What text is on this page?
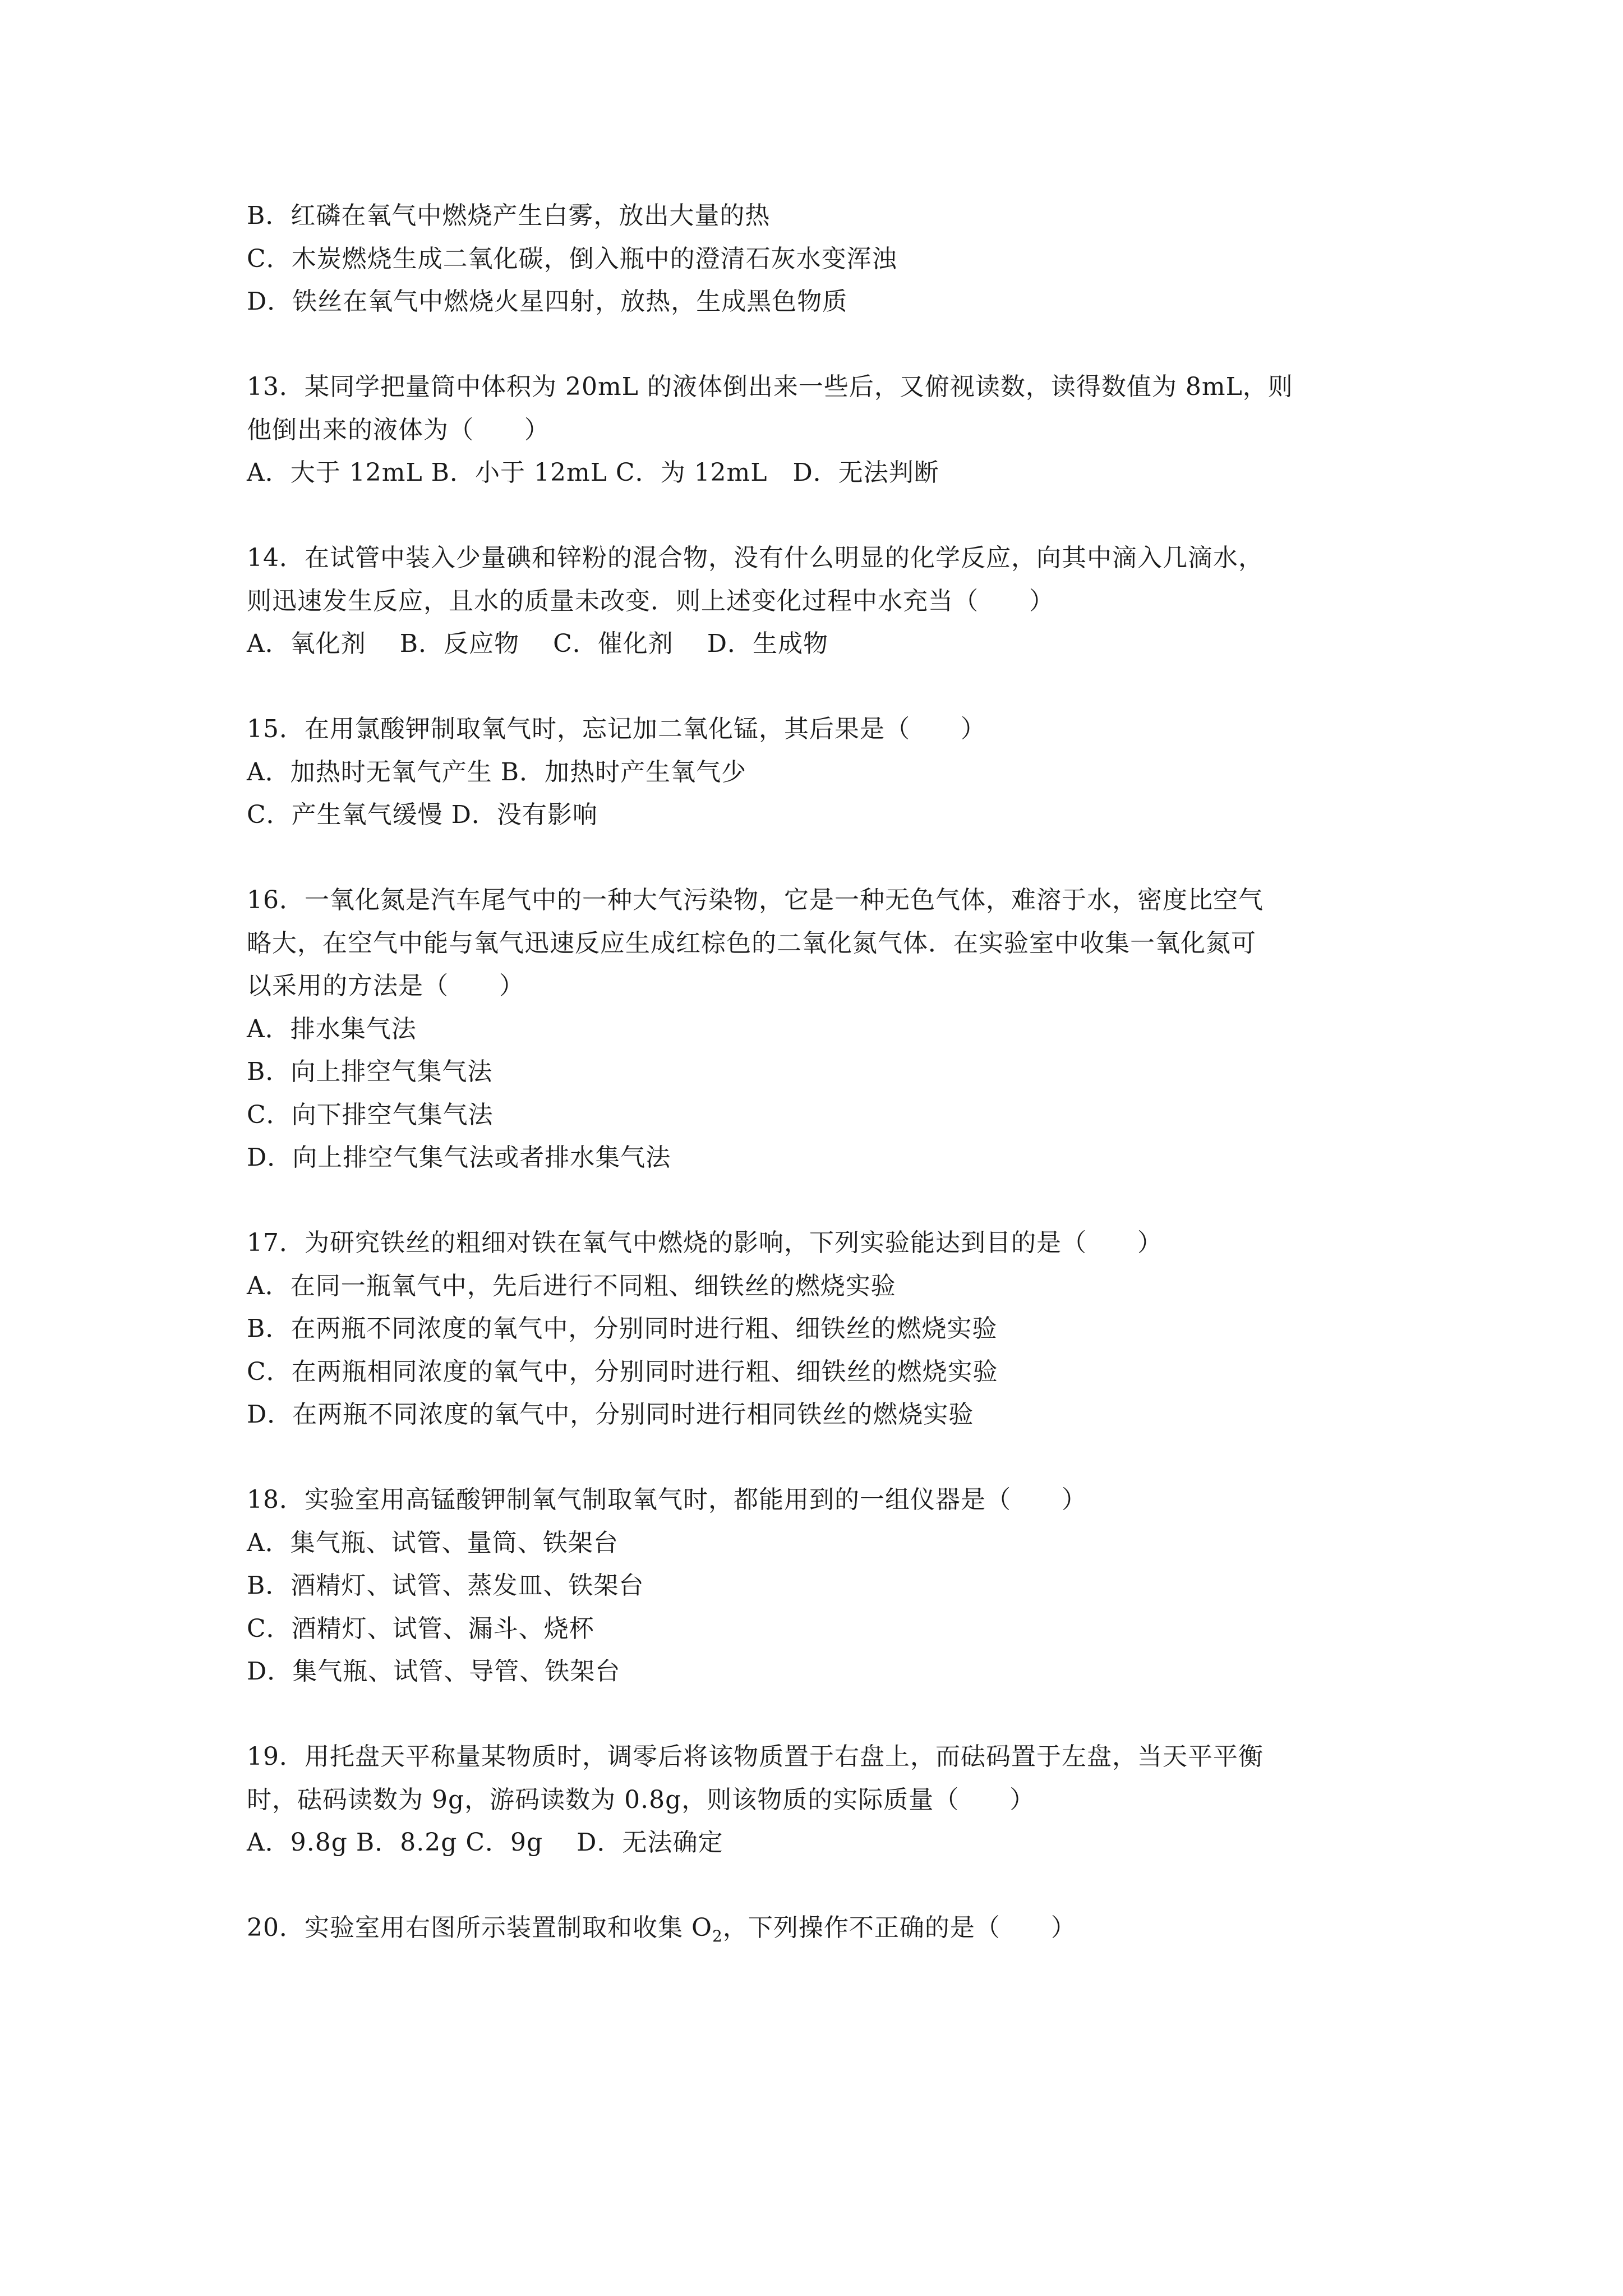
B．红磷在氧气中燃烧产生白雾，放出大量的热
C．木炭燃烧生成二氧化碳，倒入瓶中的澄清石灰水变浑浊
D．铁丝在氧气中燃烧火星四射，放热，生成黑色物质
13．某同学把量筒中体积为 20mL 的液体倒出来一些后，又俯视读数，读得数值为 8mL，则
他倒出来的液体为（　　）
A．大于 12mL B．小于 12mL C．为 12mL　D．无法判断
14．在试管中装入少量碘和锌粉的混合物，没有什么明显的化学反应，向其中滴入几滴水，
则迅速发生反应，且水的质量未改变．则上述变化过程中水充当（　　）
A．氧化剂　 B．反应物　 C．催化剂　 D．生成物
15．在用氯酸钾制取氧气时，忘记加二氧化锰，其后果是（　　）
A．加热时无氧气产生 B．加热时产生氧气少
C．产生氧气缓慢 D．没有影响
16．一氧化氮是汽车尾气中的一种大气污染物，它是一种无色气体，难溶于水，密度比空气
略大，在空气中能与氧气迅速反应生成红棕色的二氧化氮气体．在实验室中收集一氧化氮可
以采用的方法是（　　）
A．排水集气法
B．向上排空气集气法
C．向下排空气集气法
D．向上排空气集气法或者排水集气法
17．为研究铁丝的粗细对铁在氧气中燃烧的影响，下列实验能达到目的是（　　）
A．在同一瓶氧气中，先后进行不同粗、细铁丝的燃烧实验
B．在两瓶不同浓度的氧气中，分别同时进行粗、细铁丝的燃烧实验
C．在两瓶相同浓度的氧气中，分别同时进行粗、细铁丝的燃烧实验
D．在两瓶不同浓度的氧气中，分别同时进行相同铁丝的燃烧实验
18．实验室用高锰酸钾制氧气制取氧气时，都能用到的一组仪器是（　　）
A．集气瓶、试管、量筒、铁架台
B．酒精灯、试管、蒸发皿、铁架台
C．酒精灯、试管、漏斗、烧杯
D．集气瓶、试管、导管、铁架台
19．用托盘天平称量某物质时，调零后将该物质置于右盘上，而砝码置于左盘，当天平平衡
时，砝码读数为 9g，游码读数为 0.8g，则该物质的实际质量（　　）
A．9.8g B．8.2g C．9g　 D．无法确定
20．实验室用右图所示装置制取和收集 $O_2$，下列操作不正确的是（　　）
